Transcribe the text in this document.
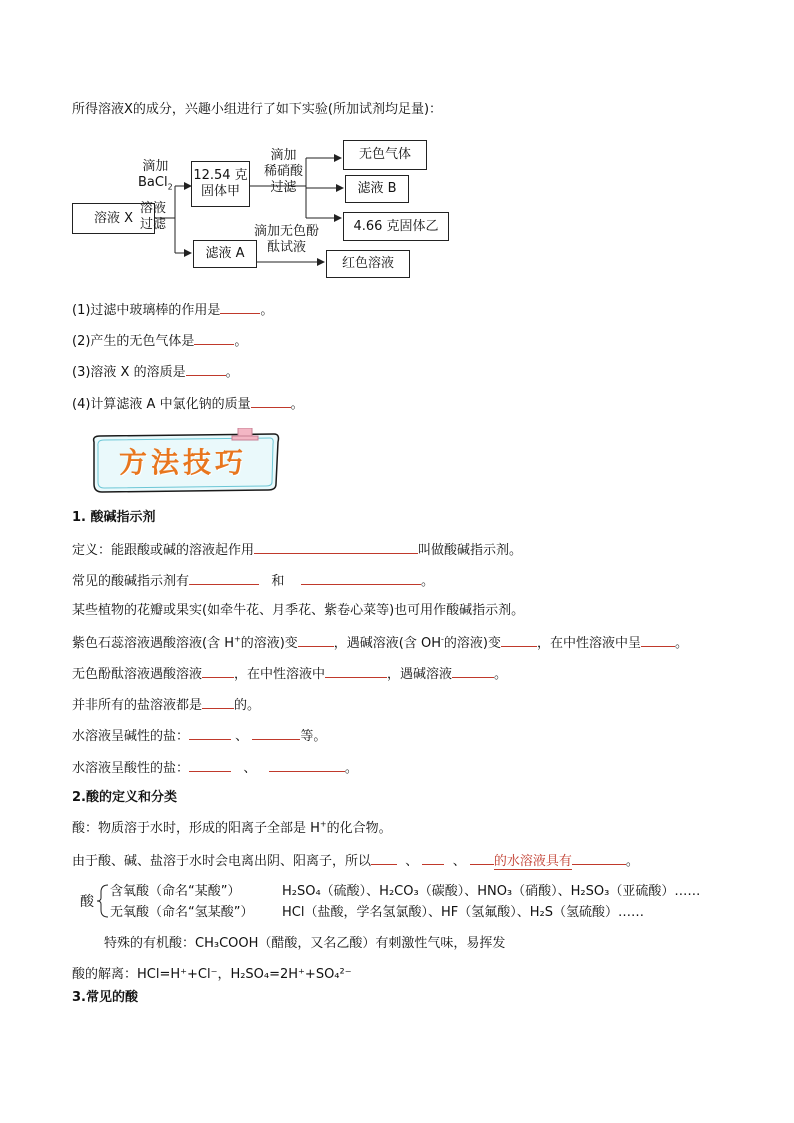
所得溶液X的成分，兴趣小组进行了如下实验(所加试剂均足量)：
溶液 X
滴加
BaCl$_2$
溶液
过滤
12.54 克
固体甲
滴加
稀硝酸
过滤
无色气体
滤液 B
4.66 克固体乙
滤液 A
滴加无色酚
酞试液
红色溶液
(1)过滤中玻璃棒的作用是	。
(2)产生的无色气体是	。
(3)溶液 X 的溶质是	。
(4)计算滤液 A 中氯化钠的质量	。
方法技巧
1. 酸碱指示剂
定义：能跟酸或碱的溶液起作用	叫做酸碱指示剂。
常见的酸碱指示剂有	和	。
某些植物的花瓣或果实(如牵牛花、月季花、紫卷心菜等)也可用作酸碱指示剂。
紫色石蕊溶液遇酸溶液(含 H+的溶液)变	，遇碱溶液(含 OH-的溶液)变	，在中性溶液中呈	。
无色酚酞溶液遇酸溶液 ，在中性溶液中	，遇碱溶液	。
并非所有的盐溶液都是 的。
水溶液呈碱性的盐：	、	等。
水溶液呈酸性的盐：	、	。
2.酸的定义和分类
酸：物质溶于水时，形成的阳离子全部是 H+的化合物。
由于酸、碱、盐溶于水时会电离出阴、阳离子，所以	、	、 的水溶液具有	。
酸
含氧酸（命名“某酸”）	H₂SO₄（硫酸）、H₂CO₃（碳酸）、HNO₃（硝酸）、H₂SO₃（亚硫酸）……
无氧酸（命名“氢某酸”） HCl（盐酸，学名氢氯酸）、HF（氢氟酸）、H₂S（氢硫酸）……
特殊的有机酸：CH₃COOH（醋酸，又名乙酸）有刺激性气味，易挥发
酸的解离：HCl=H⁺+Cl⁻，H₂SO₄=2H⁺+SO₄²⁻
3.常见的酸
